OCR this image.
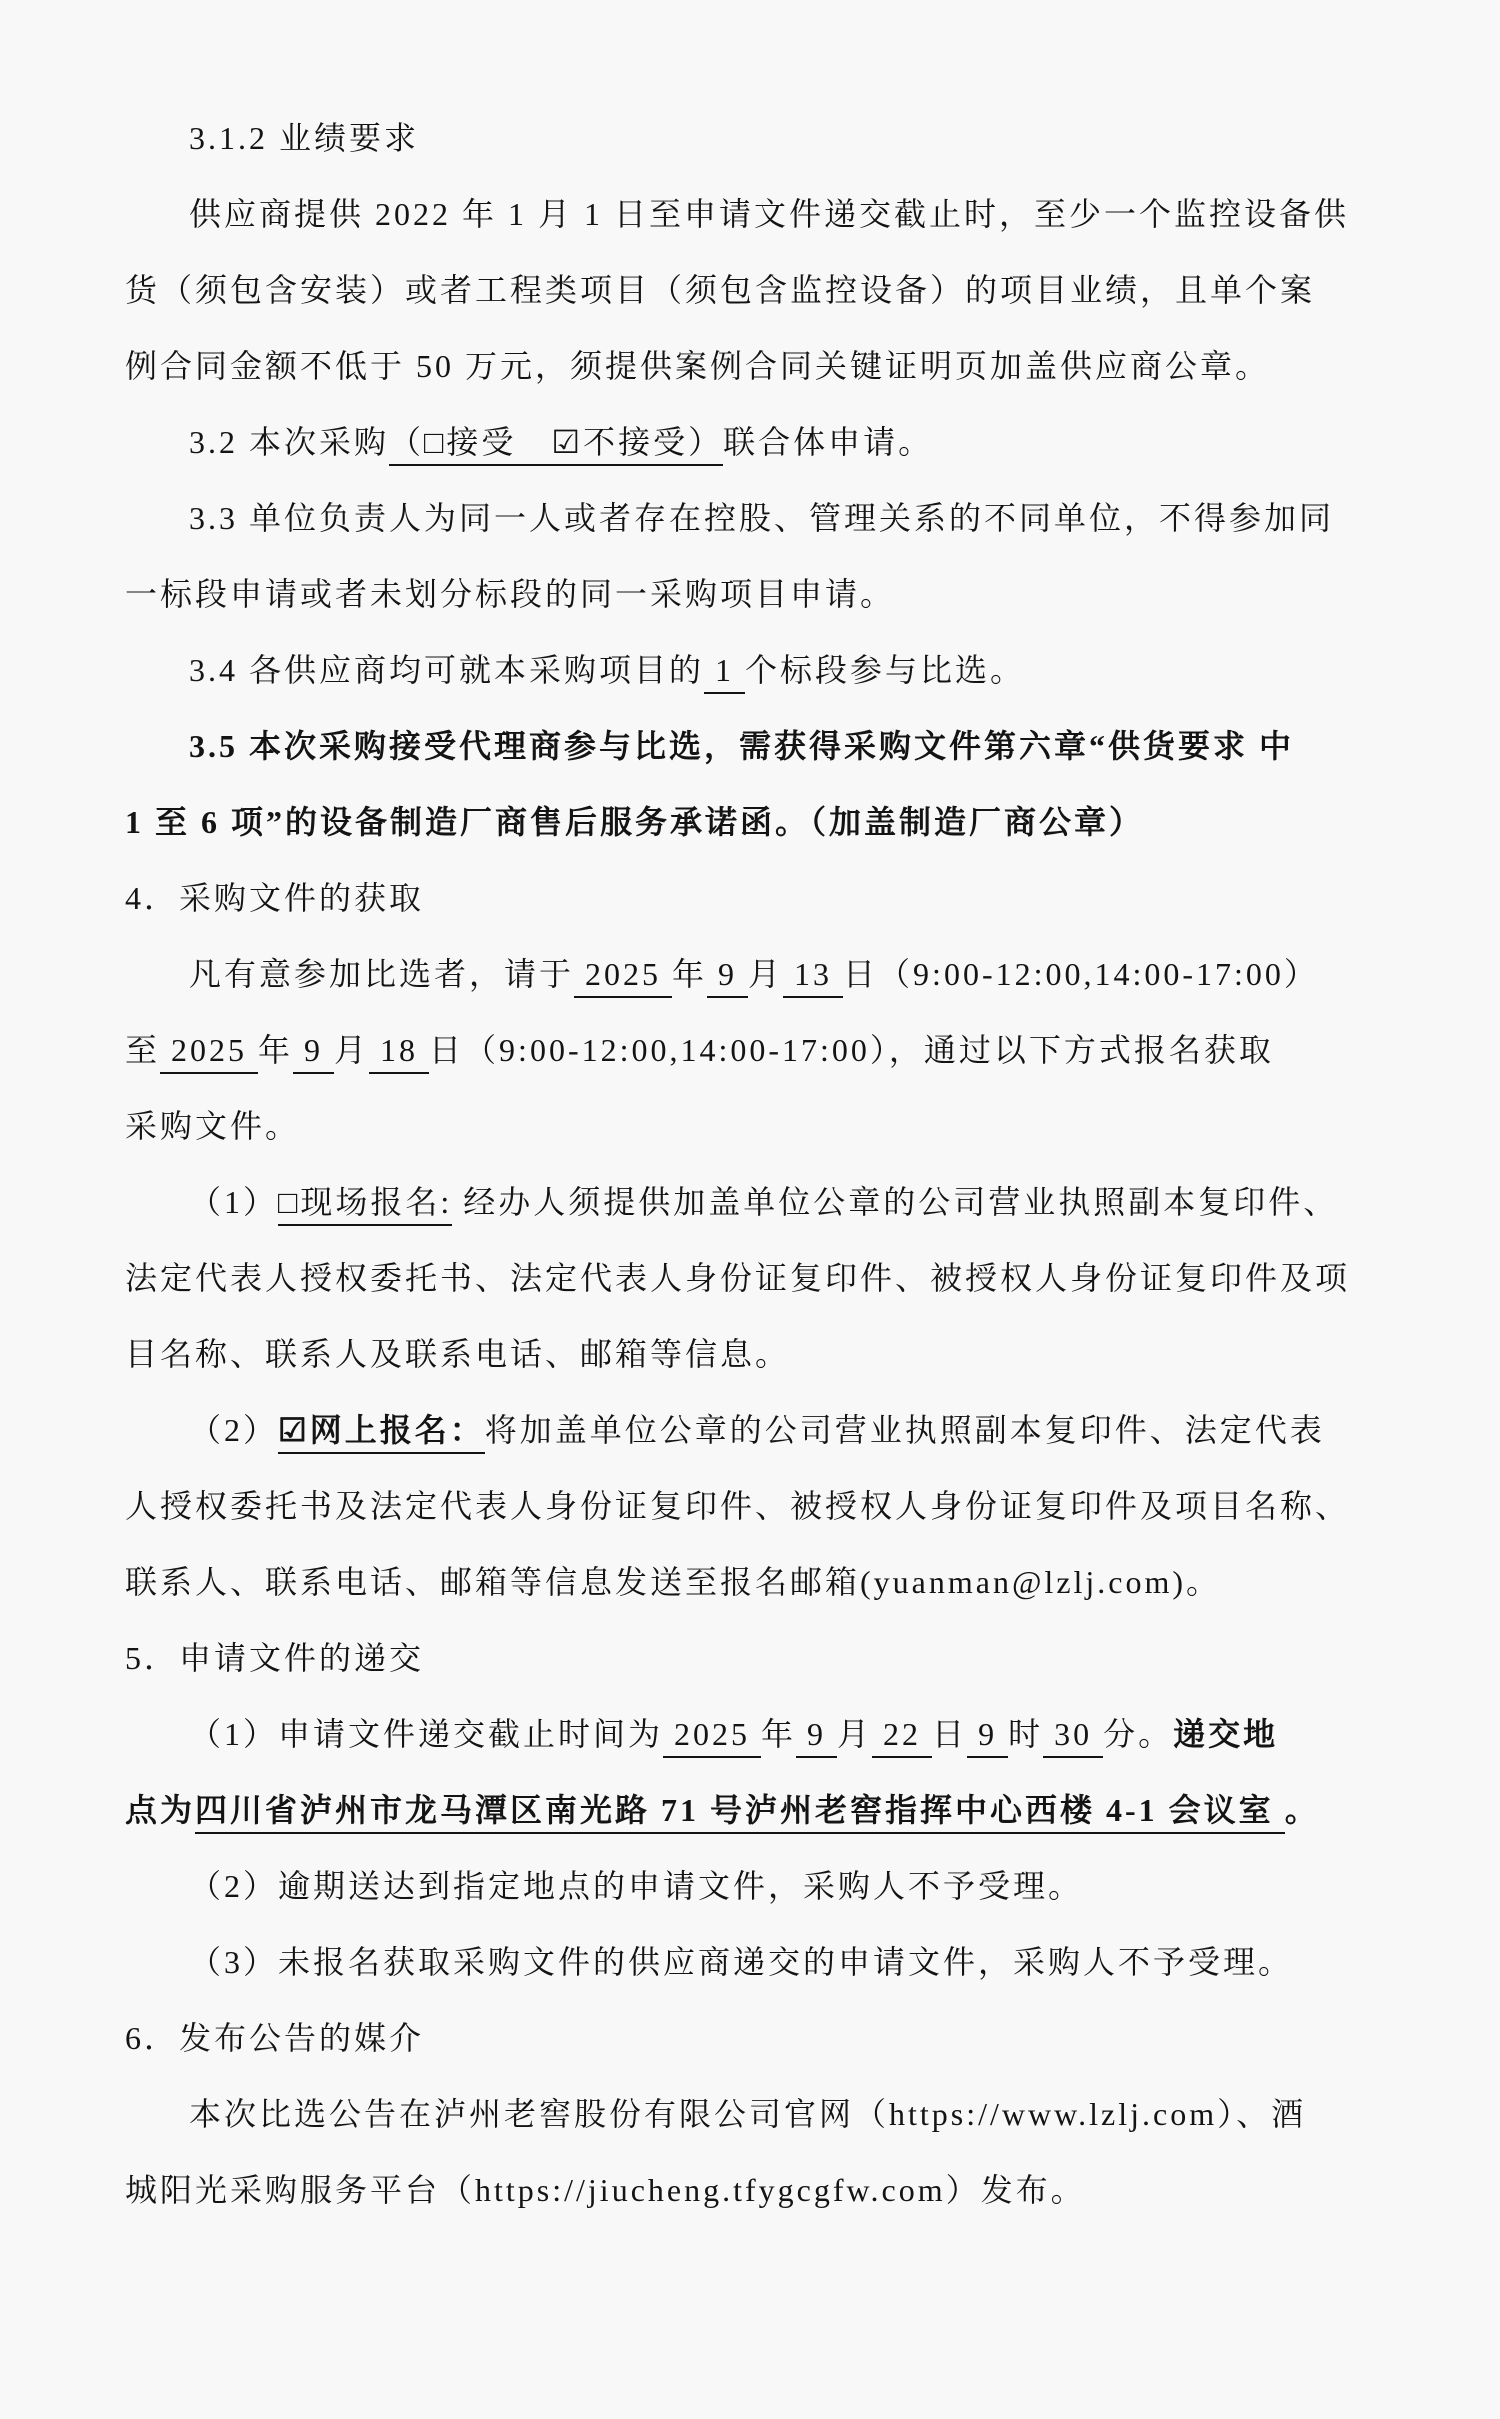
3.1.2 业绩要求
供应商提供 2022 年 1 月 1 日至申请文件递交截止时，至少一个监控设备供
货（须包含安装）或者工程类项目（须包含监控设备）的项目业绩，且单个案
例合同金额不低于 50 万元，须提供案例合同关键证明页加盖供应商公章。
3.2 本次采购（□接受　☑不接受）联合体申请。
3.3 单位负责人为同一人或者存在控股、管理关系的不同单位，不得参加同
一标段申请或者未划分标段的同一采购项目申请。
3.4 各供应商均可就本采购项目的 1 个标段参与比选。
3.5 本次采购接受代理商参与比选，需获得采购文件第六章“供货要求 中
1 至 6 项”的设备制造厂商售后服务承诺函。（加盖制造厂商公章）
4．采购文件的获取
凡有意参加比选者，请于 2025 年 9 月 13 日（9:00-12:00,14:00-17:00）
至 2025 年 9 月 18 日（9:00-12:00,14:00-17:00），通过以下方式报名获取
采购文件。
（1）□现场报名: 经办人须提供加盖单位公章的公司营业执照副本复印件、
法定代表人授权委托书、法定代表人身份证复印件、被授权人身份证复印件及项
目名称、联系人及联系电话、邮箱等信息。
（2）☑网上报名：将加盖单位公章的公司营业执照副本复印件、法定代表
人授权委托书及法定代表人身份证复印件、被授权人身份证复印件及项目名称、
联系人、联系电话、邮箱等信息发送至报名邮箱(yuanman@lzlj.com)。
5．申请文件的递交
（1）申请文件递交截止时间为 2025 年 9 月 22 日 9 时 30 分。递交地
点为四川省泸州市龙马潭区南光路 71 号泸州老窖指挥中心西楼 4-1 会议室 。
（2）逾期送达到指定地点的申请文件，采购人不予受理。
（3）未报名获取采购文件的供应商递交的申请文件，采购人不予受理。
6．发布公告的媒介
本次比选公告在泸州老窖股份有限公司官网（https://www.lzlj.com）、酒
城阳光采购服务平台（https://jiucheng.tfygcgfw.com）发布。
